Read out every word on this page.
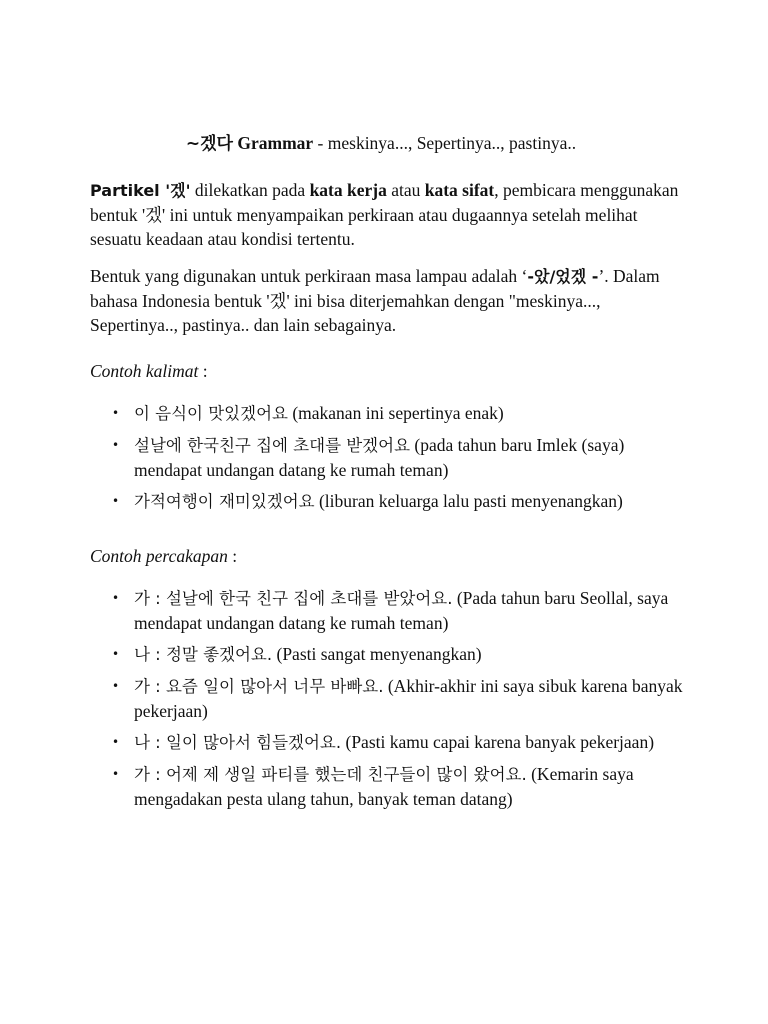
~겠다 Grammar - meskinya..., Sepertinya.., pastinya..

Partikel '겠' dilekatkan pada kata kerja atau kata sifat, pembicara menggunakan bentuk '겠' ini untuk menyampaikan perkiraan atau dugaannya setelah melihat sesuatu keadaan atau kondisi tertentu.

Bentuk yang digunakan untuk perkiraan masa lampau adalah ‘-았/었겠 -’. Dalam bahasa Indonesia bentuk '겠' ini bisa diterjemahkan dengan "meskinya..., Sepertinya.., pastinya.. dan lain sebagainya.

Contoh kalimat :
• 이 음식이 맛있겠어요 (makanan ini sepertinya enak)
• 설날에 한국친구 집에 초대를 받겠어요 (pada tahun baru Imlek (saya) mendapat undangan datang ke rumah teman)
• 가적여행이 재미있겠어요 (liburan keluarga lalu pasti menyenangkan)
Contoh percakapan :
• 가 : 설날에 한국 친구 집에 초대를 받았어요. (Pada tahun baru Seollal, saya mendapat undangan datang ke rumah teman)
• 나 : 정말 좋겠어요. (Pasti sangat menyenangkan)
• 가 : 요즘 일이 많아서 너무 바빠요. (Akhir-akhir ini saya sibuk karena banyak pekerjaan)
• 나 : 일이 많아서 힘들겠어요. (Pasti kamu capai karena banyak pekerjaan)
• 가 : 어제 제 생일 파티를 했는데 친구들이 많이 왔어요. (Kemarin saya mengadakan pesta ulang tahun, banyak teman datang)
